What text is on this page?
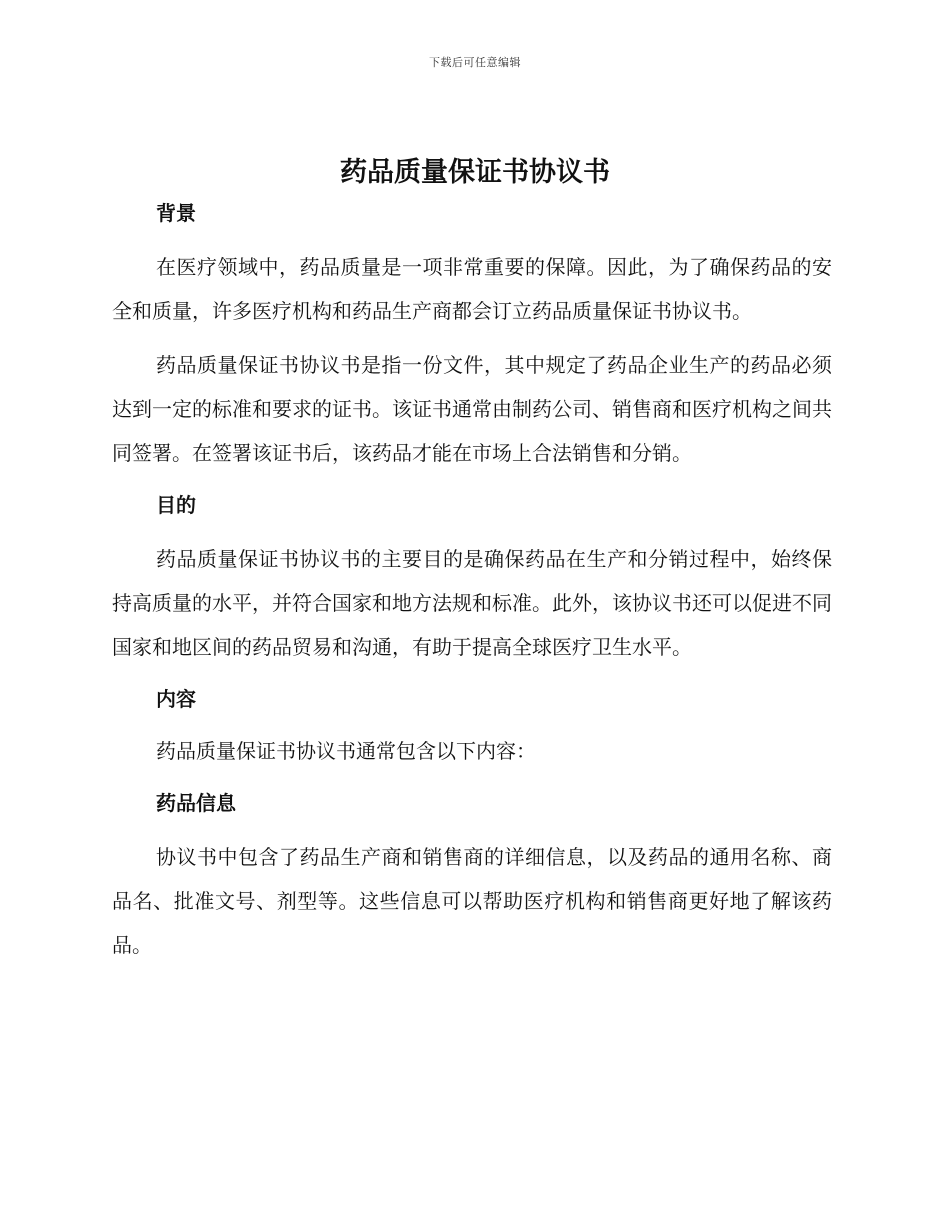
下载后可任意编辑
药品质量保证书协议书
背景

在医疗领域中，药品质量是一项非常重要的保障。因此，为了确保药品的安全和质量，许多医疗机构和药品生产商都会订立药品质量保证书协议书。

药品质量保证书协议书是指一份文件，其中规定了药品企业生产的药品必须达到一定的标准和要求的证书。该证书通常由制药公司、销售商和医疗机构之间共同签署。在签署该证书后，该药品才能在市场上合法销售和分销。

目的

药品质量保证书协议书的主要目的是确保药品在生产和分销过程中，始终保持高质量的水平，并符合国家和地方法规和标准。此外，该协议书还可以促进不同国家和地区间的药品贸易和沟通，有助于提高全球医疗卫生水平。

内容

药品质量保证书协议书通常包含以下内容：

药品信息

协议书中包含了药品生产商和销售商的详细信息，以及药品的通用名称、商品名、批准文号、剂型等。这些信息可以帮助医疗机构和销售商更好地了解该药品。
